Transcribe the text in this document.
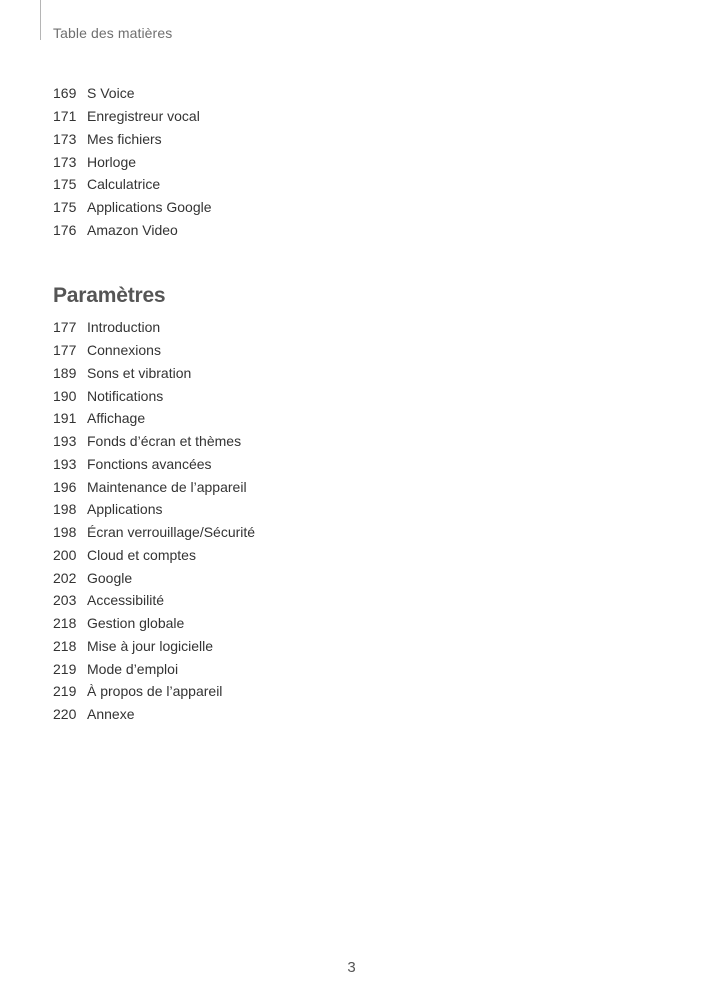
Table des matières
169 S Voice
171 Enregistreur vocal
173 Mes fichiers
173 Horloge
175 Calculatrice
175 Applications Google
176 Amazon Video
Paramètres
177 Introduction
177 Connexions
189 Sons et vibration
190 Notifications
191 Affichage
193 Fonds d’écran et thèmes
193 Fonctions avancées
196 Maintenance de l’appareil
198 Applications
198 Écran verrouillage/Sécurité
200 Cloud et comptes
202 Google
203 Accessibilité
218 Gestion globale
218 Mise à jour logicielle
219 Mode d’emploi
219 À propos de l’appareil
220 Annexe
3
